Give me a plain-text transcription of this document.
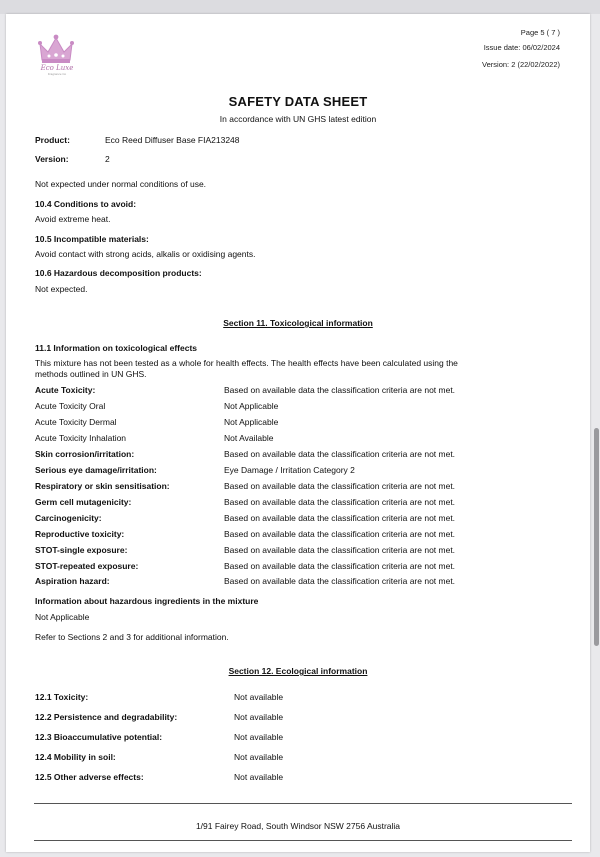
Eco Luxe
Fragrance Co
Page 5 ( 7 )
Issue date: 06/02/2024
Version: 2 (22/02/2022)
SAFETY DATA SHEET
In accordance with UN GHS latest edition
Product:	Eco Reed Diffuser Base FIA213248
Version:	2
Not expected under normal conditions of use.
10.4 Conditions to avoid:
Avoid extreme heat.
10.5 Incompatible materials:
Avoid contact with strong acids, alkalis or oxidising agents.
10.6 Hazardous decomposition products:
Not expected.
Section 11. Toxicological information
11.1 Information on toxicological effects
This mixture has not been tested as a whole for health effects. The health effects have been calculated using the
methods outlined in UN GHS.
Acute Toxicity:	Based on available data the classification criteria are not met.
Acute Toxicity Oral	Not Applicable
Acute Toxicity Dermal	Not Applicable
Acute Toxicity Inhalation	Not Available
Skin corrosion/irritation:	Based on available data the classification criteria are not met.
Serious eye damage/irritation:	Eye Damage / Irritation Category 2
Respiratory or skin sensitisation:	Based on available data the classification criteria are not met.
Germ cell mutagenicity:	Based on available data the classification criteria are not met.
Carcinogenicity:	Based on available data the classification criteria are not met.
Reproductive toxicity:	Based on available data the classification criteria are not met.
STOT-single exposure:	Based on available data the classification criteria are not met.
STOT-repeated exposure:	Based on available data the classification criteria are not met.
Aspiration hazard:	Based on available data the classification criteria are not met.
Information about hazardous ingredients in the mixture
Not Applicable
Refer to Sections 2 and 3 for additional information.
Section 12. Ecological information
12.1 Toxicity:	Not available
12.2 Persistence and degradability:	Not available
12.3 Bioaccumulative potential:	Not available
12.4 Mobility in soil:	Not available
12.5 Other adverse effects:	Not available
1/91 Fairey Road, South Windsor NSW 2756 Australia
